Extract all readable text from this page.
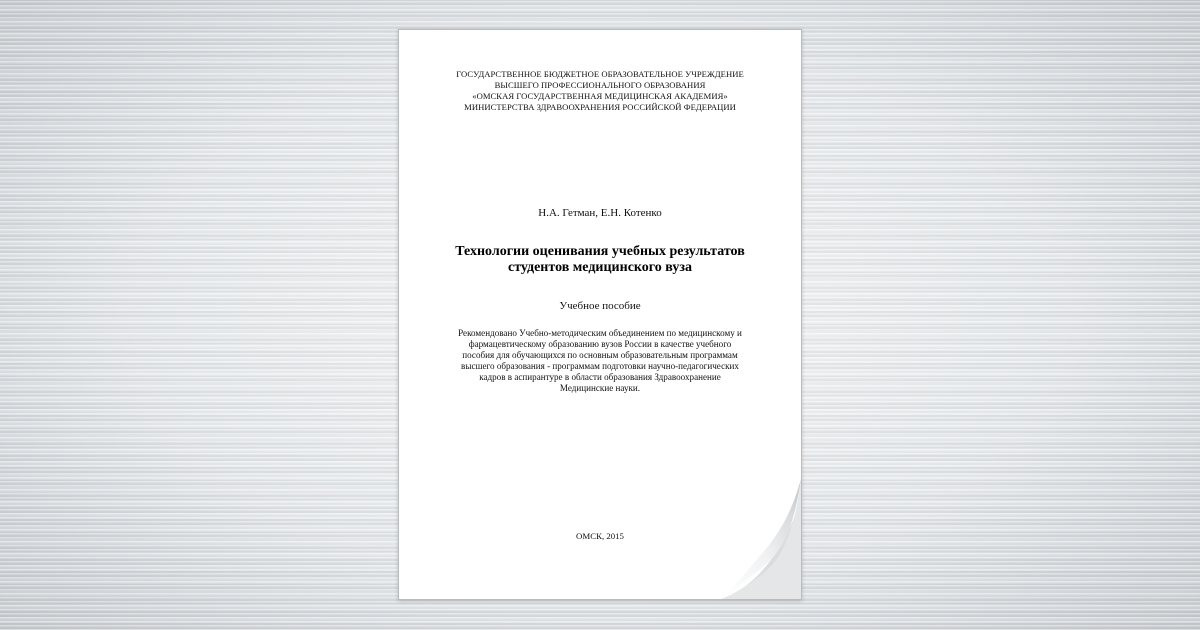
ГОСУДАРСТВЕННОЕ БЮДЖЕТНОЕ ОБРАЗОВАТЕЛЬНОЕ УЧРЕЖДЕНИЕ
ВЫСШЕГО ПРОФЕССИОНАЛЬНОГО ОБРАЗОВАНИЯ
«ОМСКАЯ ГОСУДАРСТВЕННАЯ МЕДИЦИНСКАЯ АКАДЕМИЯ»
МИНИСТЕРСТВА ЗДРАВООХРАНЕНИЯ РОССИЙСКОЙ ФЕДЕРАЦИИ
Н.А. Гетман, Е.Н. Котенко
Технологии оценивания учебных результатов
студентов медицинского вуза
Учебное пособие
Рекомендовано Учебно-методическим объединением по медицинскому и
фармацевтическому образованию вузов России в качестве учебного
пособия для обучающихся по основным образовательным программам
высшего образования - программам подготовки научно-педагогических
кадров в аспирантуре в области образования Здравоохранение
Медицинские науки.
ОМСК, 2015
